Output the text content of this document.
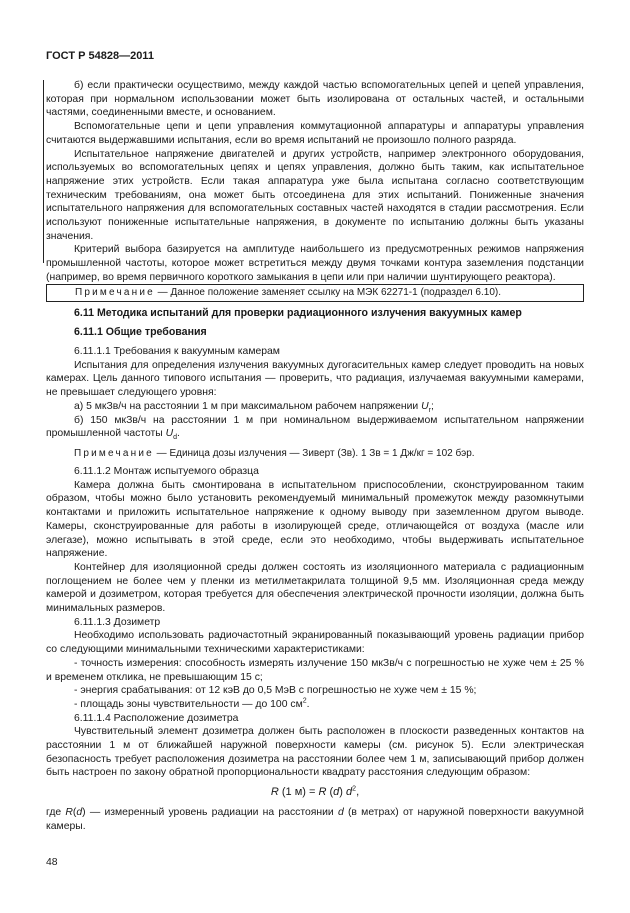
ГОСТ Р 54828—2011

б) если практически осуществимо, между каждой частью вспомогательных цепей и цепей управления, которая при нормальном использовании может быть изолирована от остальных частей, и остальными частями, соединенными вместе, и основанием.

Вспомогательные цепи и цепи управления коммутационной аппаратуры и аппаратуры управления считаются выдержавшими испытания, если во время испытаний не произошло полного разряда.

Испытательное напряжение двигателей и других устройств, например электронного оборудования, используемых во вспомогательных цепях и цепях управления, должно быть таким, как испытательное напряжение этих устройств. Если такая аппаратура уже была испытана согласно соответствующим техническим требованиям, она может быть отсоединена для этих испытаний. Пониженные значения испытательного напряжения для вспомогательных составных частей находятся в стадии рассмотрения. Если используют пониженные испытательные напряжения, в документе по испытанию должны быть указаны значения.

Критерий выбора базируется на амплитуде наибольшего из предусмотренных режимов напряжения промышленной частоты, которое может встретиться между двумя точками контура заземления подстанции (например, во время первичного короткого замыкания в цепи или при наличии шунтирующего реактора).

Примечание — Данное положение заменяет ссылку на МЭК 62271-1 (подраздел 6.10).
6.11 Методика испытаний для проверки радиационного излучения вакуумных камер
6.11.1 Общие требования

6.11.1.1 Требования к вакуумным камерам

Испытания для определения излучения вакуумных дугогасительных камер следует проводить на новых камерах. Цель данного типового испытания — проверить, что радиация, излучаемая вакуумными камерами, не превышает следующего уровня:

а) 5 мкЗв/ч на расстоянии 1 м при максимальном рабочем напряжении $U_r$;

б) 150 мкЗв/ч на расстоянии 1 м при номинальном выдерживаемом испытательном напряжении промышленной частоты $U_d$.

Примечание — Единица дозы излучения — Зиверт (Зв). 1 Зв = 1 Дж/кг = 102 бэр.

6.11.1.2 Монтаж испытуемого образца

Камера должна быть смонтирована в испытательном приспособлении, сконструированном таким образом, чтобы можно было установить рекомендуемый минимальный промежуток между разомкнутыми контактами и приложить испытательное напряжение к одному выводу при заземленном другом выводе. Камеры, сконструированные для работы в изолирующей среде, отличающейся от воздуха (масле или элегазе), можно испытывать в этой среде, если это необходимо, чтобы выдерживать испытательное напряжение.

Контейнер для изоляционной среды должен состоять из изоляционного материала с радиационным поглощением не более чем у пленки из метилметакрилата толщиной 9,5 мм. Изоляционная среда между камерой и дозиметром, которая требуется для обеспечения электрической прочности изоляции, должна быть минимальных размеров.

6.11.1.3 Дозиметр

Необходимо использовать радиочастотный экранированный показывающий уровень радиации прибор со следующими минимальными техническими характеристиками:

- точность измерения: способность измерять излучение 150 мкЗв/ч с погрешностью не хуже чем ± 25 % и временем отклика, не превышающим 15 с;

- энергия срабатывания: от 12 кэВ до 0,5 МэВ с погрешностью не хуже чем ± 15 %;

- площадь зоны чувствительности — до 100 $см^2$.

6.11.1.4 Расположение дозиметра

Чувствительный элемент дозиметра должен быть расположен в плоскости разведенных контактов на расстоянии 1 м от ближайшей наружной поверхности камеры (см. рисунок 5). Если электрическая безопасность требует расположения дозиметра на расстоянии более чем 1 м, записывающий прибор должен быть настроен по закону обратной пропорциональности квадрату расстояния следующим образом:

R (1 м) = R (d) $d^2$,

где R(d) — измеренный уровень радиации на расстоянии d (в метрах) от наружной поверхности вакуумной камеры.

48
